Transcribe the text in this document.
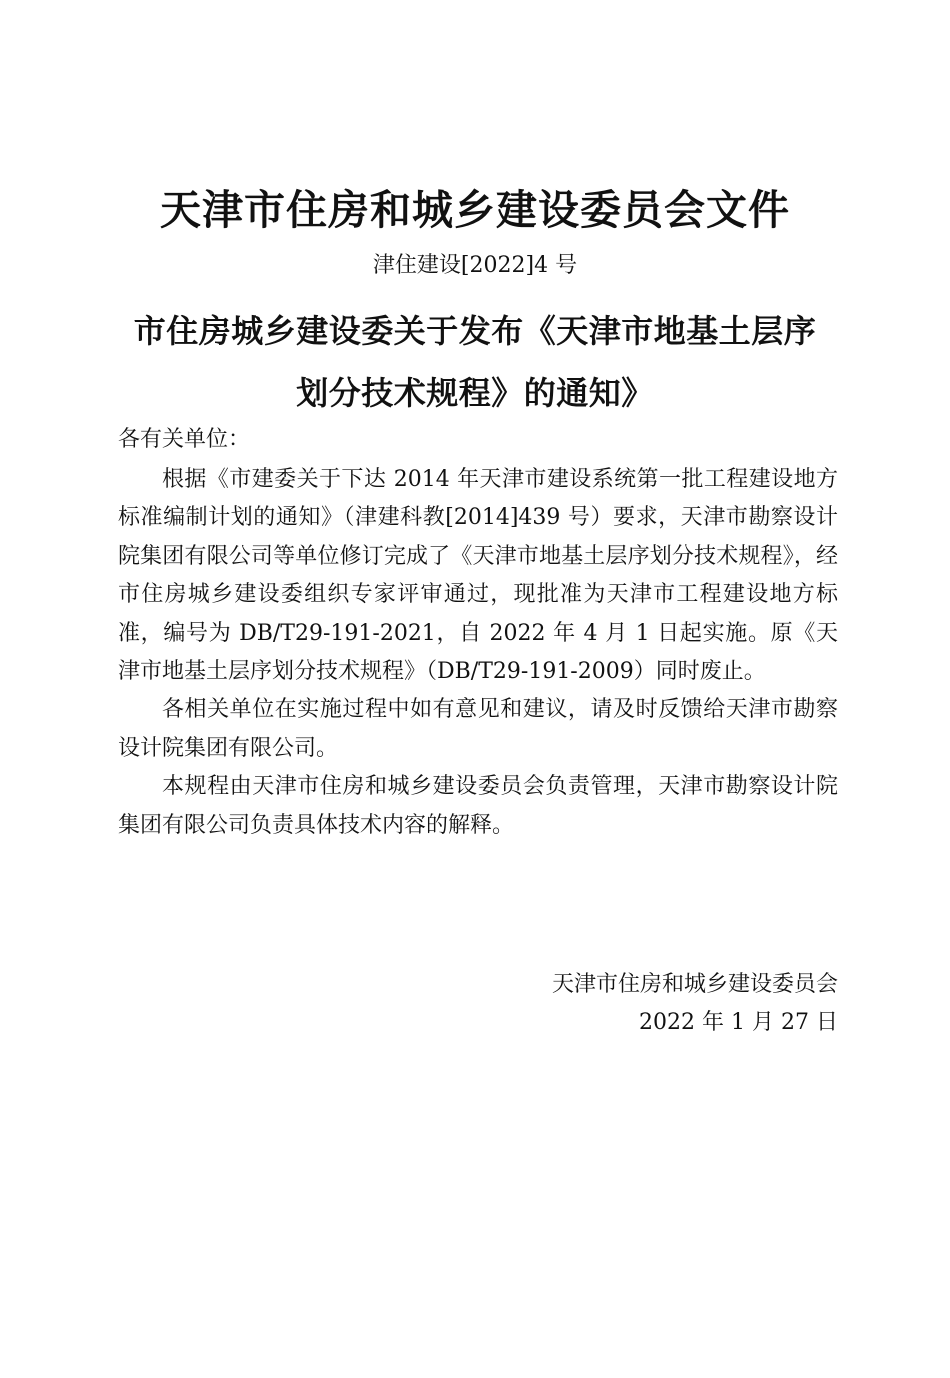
天津市住房和城乡建设委员会文件
津住建设[2022]4 号
市住房城乡建设委关于发布《天津市地基土层序
划分技术规程》的通知》
各有关单位：

根据《市建委关于下达 2014 年天津市建设系统第一批工程建设地方标准编制计划的通知》（津建科教[2014]439 号）要求，天津市勘察设计院集团有限公司等单位修订完成了《天津市地基土层序划分技术规程》，经市住房城乡建设委组织专家评审通过，现批准为天津市工程建设地方标准，编号为 DB/T29-191-2021，自 2022 年 4 月 1 日起实施。原《天津市地基土层序划分技术规程》（DB/T29-191-2009）同时废止。

各相关单位在实施过程中如有意见和建议，请及时反馈给天津市勘察设计院集团有限公司。

本规程由天津市住房和城乡建设委员会负责管理，天津市勘察设计院集团有限公司负责具体技术内容的解释。

天津市住房和城乡建设委员会
2022 年 1 月 27 日
